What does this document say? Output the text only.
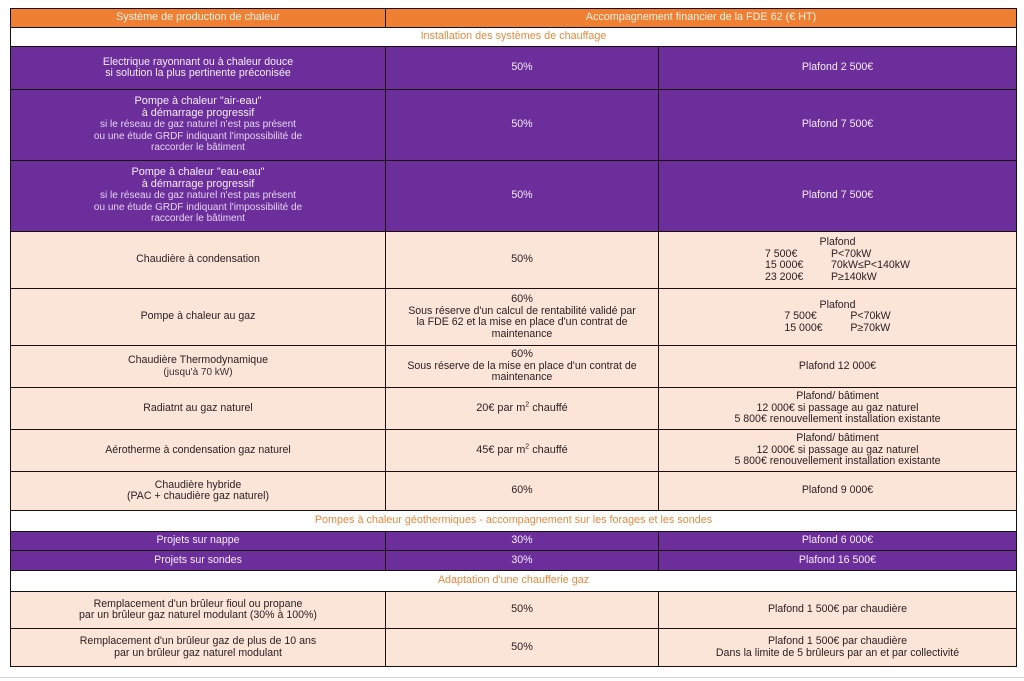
Système de production de chaleur	Accompagnement financier de la FDE 62 (€ HT)	
Installation des systèmes de chauffage		

Electrique rayonnant ou à chaleur douce
si solution la plus pertinente préconisée	50%	Plafond 2 500€

Pompe à chaleur "air-eau"
à démarrage progressif
si le réseau de gaz naturel n'est pas présent
ou une étude GRDF indiquant l'impossibilité de
raccorder le bâtiment	50%	Plafond 7 500€

Pompe à chaleur "eau-eau"
à démarrage progressif
si le réseau de gaz naturel n'est pas présent
ou une étude GRDF indiquant l'impossibilité de
raccorder le bâtiment	50%	Plafond 7 500€
Chaudière à condensation	50%	Plafond
7 500€ P<70kW
15 000€ 70kW≤P<140kW
23 200€ P≥140kW

Pompe à chaleur au gaz	60%
Sous réserve d'un calcul de rentabilité validé par
la FDE 62 et la mise en place d'un contrat de
maintenance	Plafond
7 500€ P<70kW
15 000€ P≥70kW

Chaudière Thermodynamique
(jusqu'à 70 kW)	60%
Sous réserve de la mise en place d'un contrat de
maintenance	Plafond 12 000€
Radiatnt au gaz naturel	20€ par $m^2$ chauffé	Plafond/ bâtiment
12 000€ si passage au gaz naturel
5 800€ renouvellement installation existante

Aérotherme à condensation gaz naturel	45€ par $m^2$ chauffé	Plafond/ bâtiment
12 000€ si passage au gaz naturel
5 800€ renouvellement installation existante

Chaudière hybride
(PAC + chaudière gaz naturel)	60%	Plafond 9 000€
Pompes à chaleur géothermiques - accompagnement sur les forages et les sondes		
Projets sur nappe	30%	Plafond 6 000€
Projets sur sondes	30%	Plafond 16 500€
Adaptation d'une chaufferie gaz		

Remplacement d'un brûleur fioul ou propane
par un brûleur gaz naturel modulant (30% à 100%)	50%	Plafond 1 500€ par chaudière

Remplacement d'un brûleur gaz de plus de 10 ans
par un brûleur gaz naturel modulant	50%	Plafond 1 500€ par chaudière
Dans la limite de 5 brûleurs par an et par collectivité
